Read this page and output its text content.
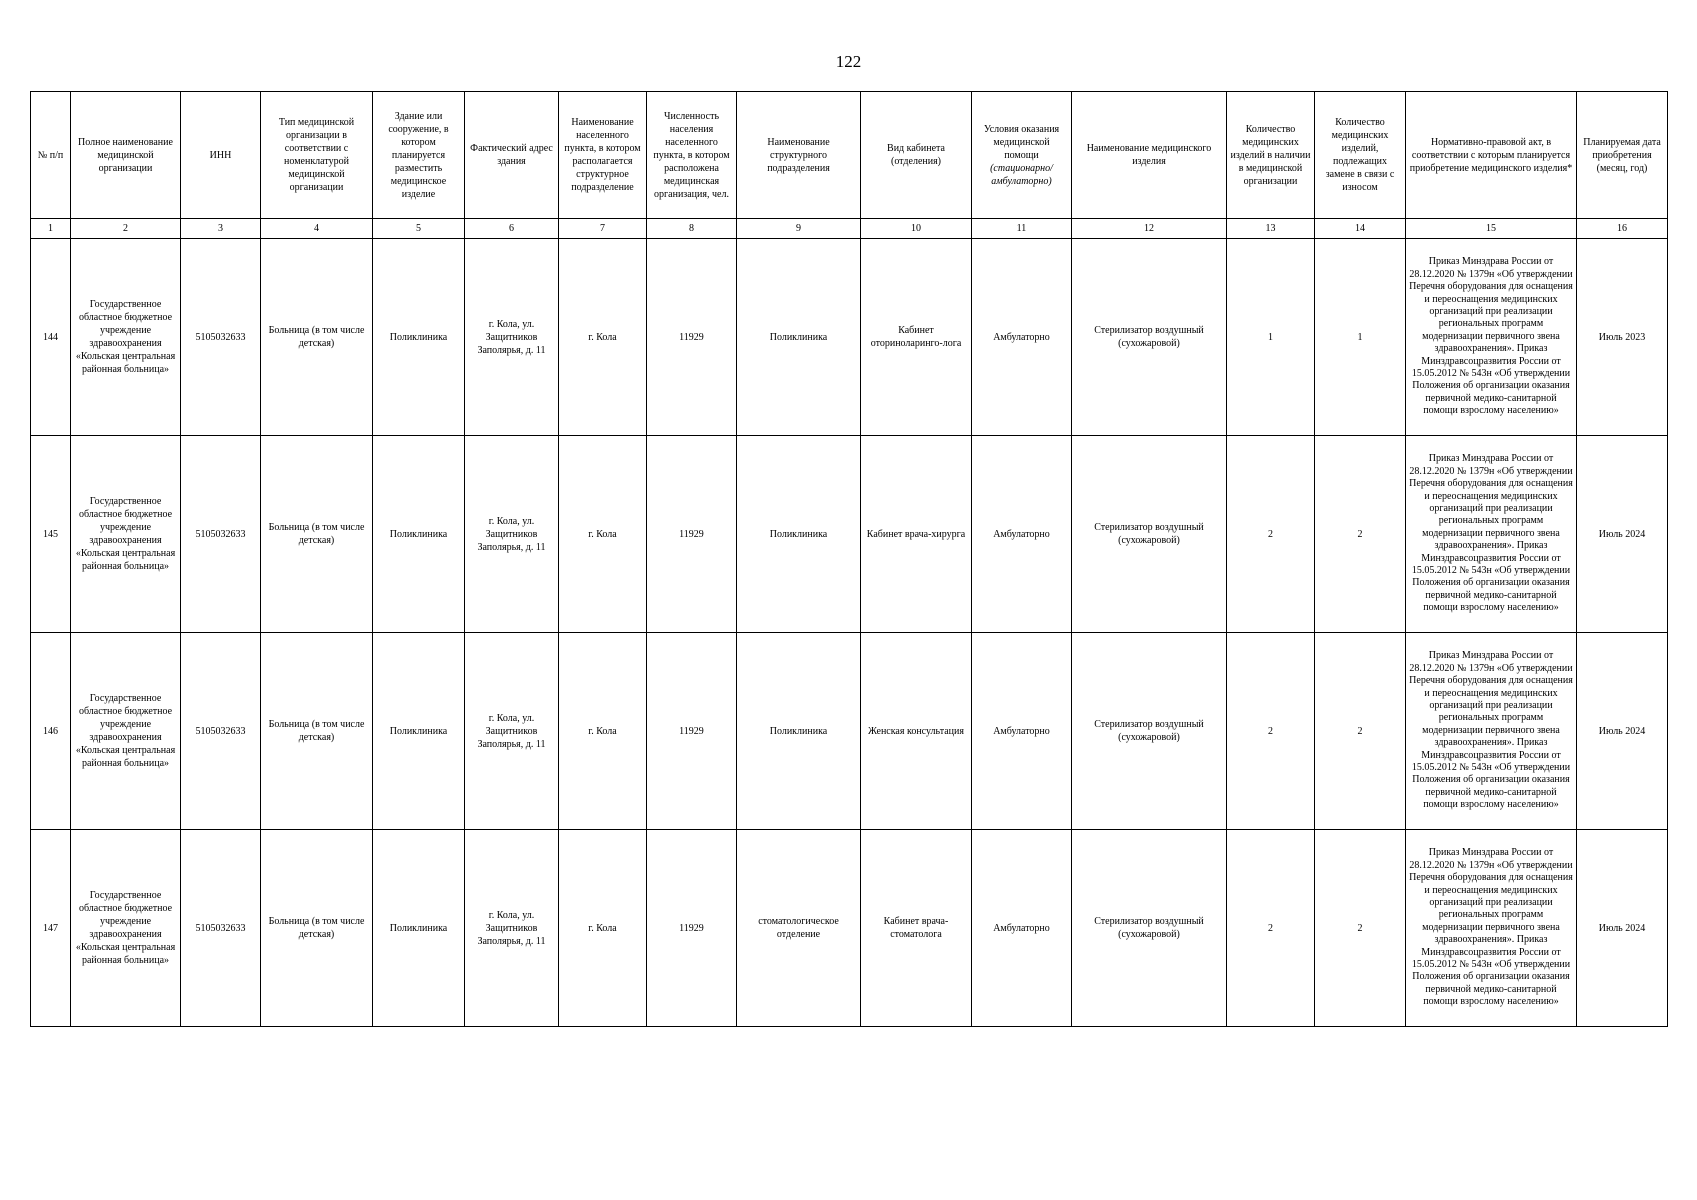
122
№ п/п	Полное наименование медицинской организации	ИНН	Тип медицинской организации в соответствии с номенклатурой медицинской организации	Здание или сооружение, в котором планируется разместить медицинское изделие	Фактический адрес здания	Наименование населенного пункта, в котором располагается структурное подразделение	Численность населения населенного пункта, в котором расположена медицинская организация, чел.	Наименование структурного подразделения	Вид кабинета (отделения)	Условия оказания медицинской помощи
(стационарно/ амбулаторно)	Наименование медицинского изделия	Количество медицинских изделий в наличии в медицинской организации	Количество медицинских изделий, подлежащих замене в связи с износом	Нормативно-правовой акт, в соответствии с которым планируется приобретение медицинского изделия*	Планируемая дата приобретения (месяц, год)
1	2	3	4	5	6	7	8	9	10	11	12	13	14	15	16
144	Государственное областное бюджетное учреждение здравоохранения «Кольская центральная районная больница»	5105032633	Больница (в том числе детская)	Поликлиника	г. Кола, ул. Защитников Заполярья, д. 11	г. Кола	11929	Поликлиника	Кабинет оториноларинго-лога	Амбулаторно	Стерилизатор воздушный (сухожаровой)	1	1	Приказ Минздрава России от 28.12.2020 № 1379н «Об утверждении Перечня оборудования для оснащения и переоснащения медицинских организаций при реализации региональных программ модернизации первичного звена здравоохранения». Приказ Минздравсоцразвития России от 15.05.2012 № 543н «Об утверждении Положения об организации оказания первичной медико-санитарной помощи взрослому населению»	Июль 2023
145	Государственное областное бюджетное учреждение здравоохранения «Кольская центральная районная больница»	5105032633	Больница (в том числе детская)	Поликлиника	г. Кола, ул. Защитников Заполярья, д. 11	г. Кола	11929	Поликлиника	Кабинет врача-хирурга	Амбулаторно	Стерилизатор воздушный (сухожаровой)	2	2	Приказ Минздрава России от 28.12.2020 № 1379н «Об утверждении Перечня оборудования для оснащения и переоснащения медицинских организаций при реализации региональных программ модернизации первичного звена здравоохранения». Приказ Минздравсоцразвития России от 15.05.2012 № 543н «Об утверждении Положения об организации оказания первичной медико-санитарной помощи взрослому населению»	Июль 2024
146	Государственное областное бюджетное учреждение здравоохранения «Кольская центральная районная больница»	5105032633	Больница (в том числе детская)	Поликлиника	г. Кола, ул. Защитников Заполярья, д. 11	г. Кола	11929	Поликлиника	Женская консультация	Амбулаторно	Стерилизатор воздушный (сухожаровой)	2	2	Приказ Минздрава России от 28.12.2020 № 1379н «Об утверждении Перечня оборудования для оснащения и переоснащения медицинских организаций при реализации региональных программ модернизации первичного звена здравоохранения». Приказ Минздравсоцразвития России от 15.05.2012 № 543н «Об утверждении Положения об организации оказания первичной медико-санитарной помощи взрослому населению»	Июль 2024
147	Государственное областное бюджетное учреждение здравоохранения «Кольская центральная районная больница»	5105032633	Больница (в том числе детская)	Поликлиника	г. Кола, ул. Защитников Заполярья, д. 11	г. Кола	11929	стоматологическое отделение	Кабинет врача-стоматолога	Амбулаторно	Стерилизатор воздушный (сухожаровой)	2	2	Приказ Минздрава России от 28.12.2020 № 1379н «Об утверждении Перечня оборудования для оснащения и переоснащения медицинских организаций при реализации региональных программ модернизации первичного звена здравоохранения». Приказ Минздравсоцразвития России от 15.05.2012 № 543н «Об утверждении Положения об организации оказания первичной медико-санитарной помощи взрослому населению»	Июль 2024
